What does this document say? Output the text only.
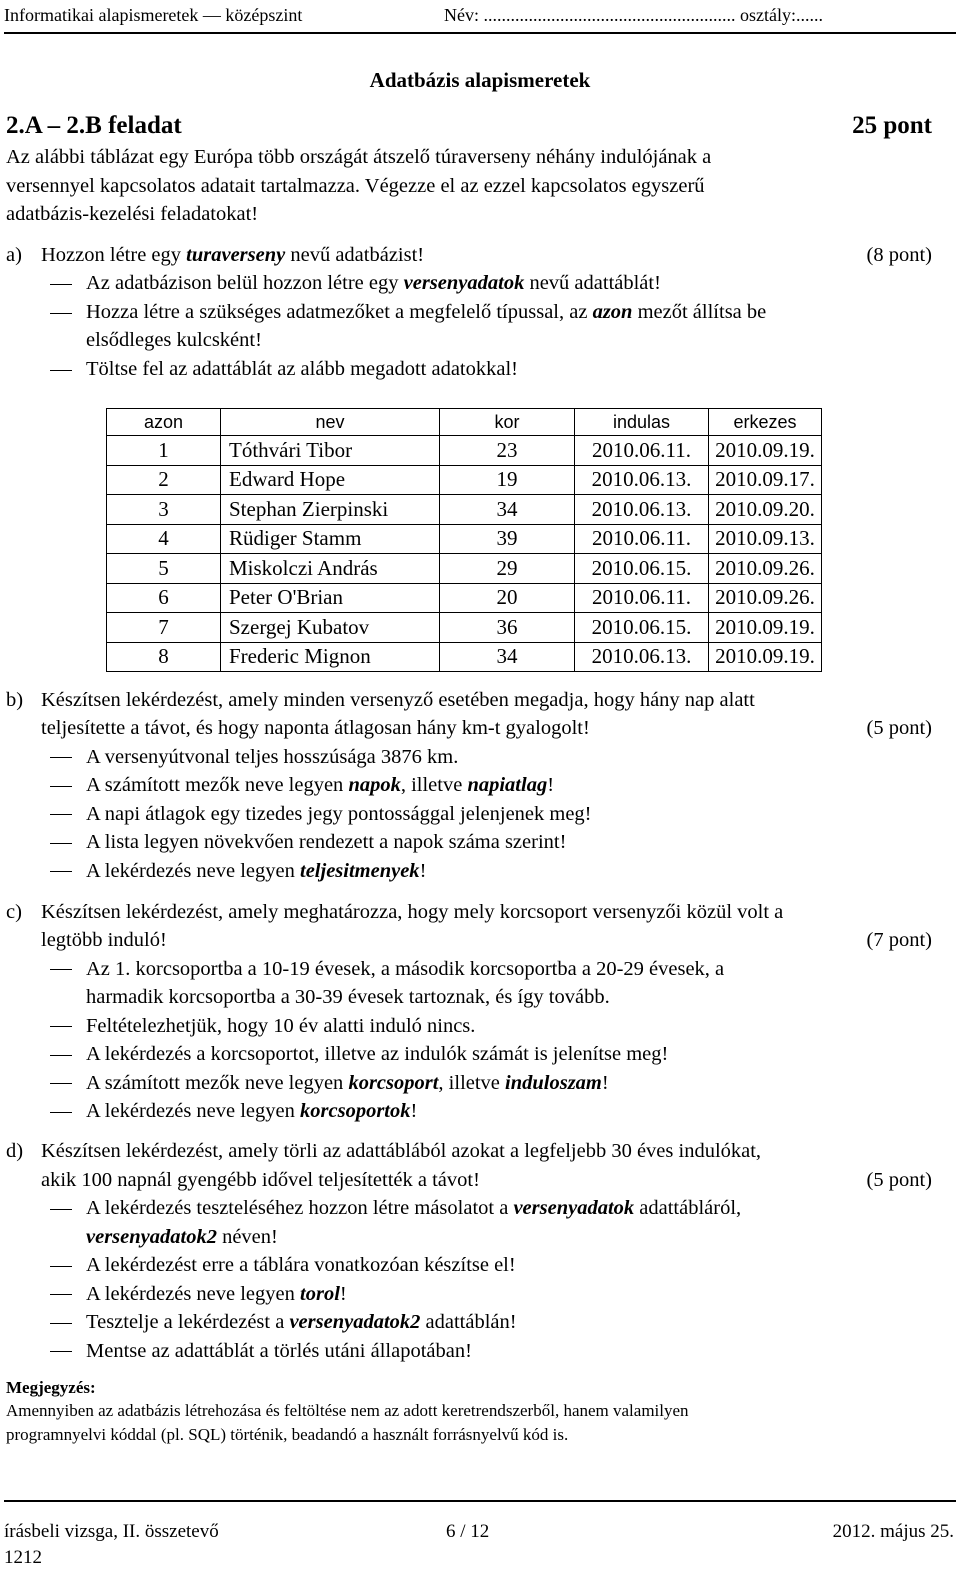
Informatikai alapismeretek — középszint	Név: ........................................................ osztály:......
Adatbázis alapismeretek
2.A – 2.B feladat	25 pont
Az alábbi táblázat egy Európa több országát átszelő túraverseny néhány indulójának a
versennyel kapcsolatos adatait tartalmazza. Végezze el az ezzel kapcsolatos egyszerű
adatbázis-kezelési feladatokat!
a) Hozzon létre egy turaverseny nevű adatbázist!	(8 pont)
Az adatbázison belül hozzon létre egy versenyadatok nevű adattáblát!
Hozza létre a szükséges adatmezőket a megfelelő típussal, az azon mezőt állítsa be
elsődleges kulcsként!
Töltse fel az adattáblát az alább megadott adatokkal!
azon	nev	kor	indulas	erkezes
1	Tóthvári Tibor	23	2010.06.11.	2010.09.19.
2	Edward Hope	19	2010.06.13.	2010.09.17.
3	Stephan Zierpinski	34	2010.06.13.	2010.09.20.
4	Rüdiger Stamm	39	2010.06.11.	2010.09.13.
5	Miskolczi András	29	2010.06.15.	2010.09.26.
6	Peter O'Brian	20	2010.06.11.	2010.09.26.
7	Szergej Kubatov	36	2010.06.15.	2010.09.19.
8	Frederic Mignon	34	2010.06.13.	2010.09.19.
b) Készítsen lekérdezést, amely minden versenyző esetében megadja, hogy hány nap alatt
teljesítette a távot, és hogy naponta átlagosan hány km-t gyalogolt!	(5 pont)
A versenyútvonal teljes hosszúsága 3876 km.
A számított mezők neve legyen napok, illetve napiatlag!
A napi átlagok egy tizedes jegy pontossággal jelenjenek meg!
A lista legyen növekvően rendezett a napok száma szerint!
A lekérdezés neve legyen teljesitmenyek!
c) Készítsen lekérdezést, amely meghatározza, hogy mely korcsoport versenyzői közül volt a
legtöbb induló!	(7 pont)
Az 1. korcsoportba a 10-19 évesek, a második korcsoportba a 20-29 évesek, a
harmadik korcsoportba a 30-39 évesek tartoznak, és így tovább.
Feltételezhetjük, hogy 10 év alatti induló nincs.
A lekérdezés a korcsoportot, illetve az indulók számát is jelenítse meg!
A számított mezők neve legyen korcsoport, illetve induloszam!
A lekérdezés neve legyen korcsoportok!
d) Készítsen lekérdezést, amely törli az adattáblából azokat a legfeljebb 30 éves indulókat,
akik 100 napnál gyengébb idővel teljesítették a távot!	(5 pont)
A lekérdezés teszteléséhez hozzon létre másolatot a versenyadatok adattábláról,
versenyadatok2 néven!
A lekérdezést erre a táblára vonatkozóan készítse el!
A lekérdezés neve legyen torol!
Tesztelje a lekérdezést a versenyadatok2 adattáblán!
Mentse az adattáblát a törlés utáni állapotában!
Megjegyzés:
Amennyiben az adatbázis létrehozása és feltöltése nem az adott keretrendszerből, hanem valamilyen
programnyelvi kóddal (pl. SQL) történik, beadandó a használt forrásnyelvű kód is.
írásbeli vizsga, II. összetevő
1212
6 / 12	2012. május 25.
